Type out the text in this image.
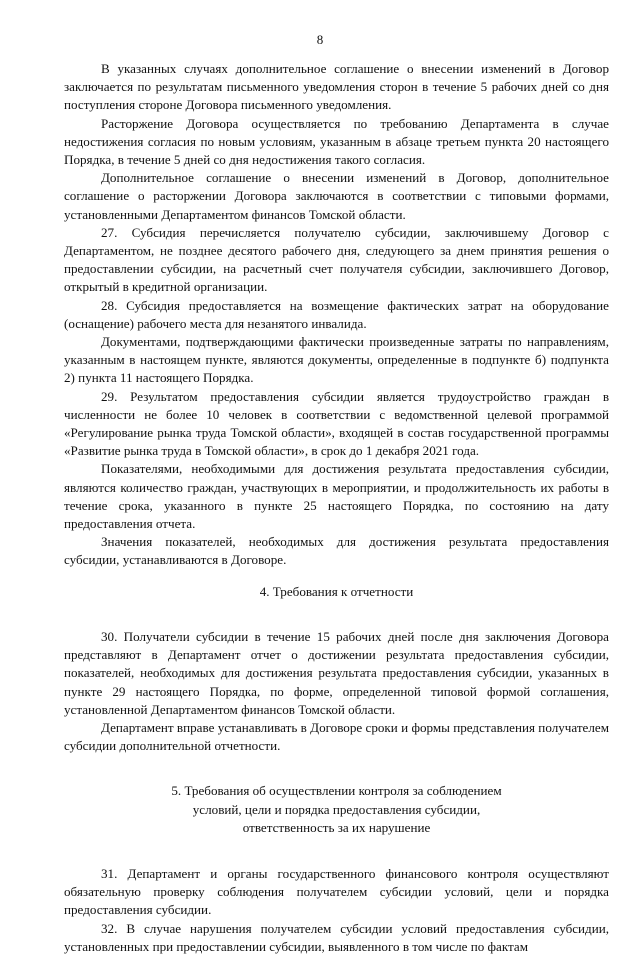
8

В указанных случаях дополнительное соглашение о внесении изменений в Договор заключается по результатам письменного уведомления сторон в течение 5 рабочих дней со дня поступления стороне Договора письменного уведомления.

Расторжение Договора осуществляется по требованию Департамента в случае недостижения согласия по новым условиям, указанным в абзаце третьем пункта 20 настоящего Порядка, в течение 5 дней со дня недостижения такого согласия.

Дополнительное соглашение о внесении изменений в Договор, дополнительное соглашение о расторжении Договора заключаются в соответствии с типовыми формами, установленными Департаментом финансов Томской области.

27. Субсидия перечисляется получателю субсидии, заключившему Договор с Департаментом, не позднее десятого рабочего дня, следующего за днем принятия решения о предоставлении субсидии, на расчетный счет получателя субсидии, заключившего Договор, открытый в кредитной организации.

28. Субсидия предоставляется на возмещение фактических затрат на оборудование (оснащение) рабочего места для незанятого инвалида.

Документами, подтверждающими фактически произведенные затраты по направлениям, указанным в настоящем пункте, являются документы, определенные в подпункте б) подпункта 2) пункта 11 настоящего Порядка.

29. Результатом предоставления субсидии является трудоустройство граждан в численности не более 10 человек в соответствии с ведомственной целевой программой «Регулирование рынка труда Томской области», входящей в состав государственной программы «Развитие рынка труда в Томской области», в срок до 1 декабря 2021 года.

Показателями, необходимыми для достижения результата предоставления субсидии, являются количество граждан, участвующих в мероприятии, и продолжительность их работы в течение срока, указанного в пункте 25 настоящего Порядка, по состоянию на дату предоставления отчета.

Значения показателей, необходимых для достижения результата предоставления субсидии, устанавливаются в Договоре.

4. Требования к отчетности

30. Получатели субсидии в течение 15 рабочих дней после дня заключения Договора представляют в Департамент отчет о достижении результата предоставления субсидии, показателей, необходимых для достижения результата предоставления субсидии, указанных в пункте 29 настоящего Порядка, по форме, определенной типовой формой соглашения, установленной Департаментом финансов Томской области.

Департамент вправе устанавливать в Договоре сроки и формы представления получателем субсидии дополнительной отчетности.

5. Требования об осуществлении контроля за соблюдением
условий, цели и порядка предоставления субсидии,
ответственность за их нарушение

31. Департамент и органы государственного финансового контроля осуществляют обязательную проверку соблюдения получателем субсидии условий, цели и порядка предоставления субсидии.

32. В случае нарушения получателем субсидии условий предоставления субсидии, установленных при предоставлении субсидии, выявленного в том числе по фактам
